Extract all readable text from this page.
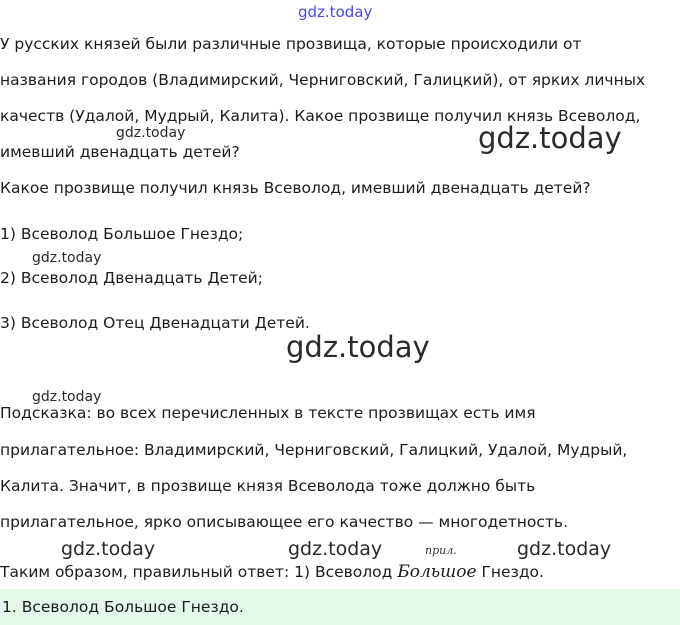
gdz.today
gdz.today	gdz.today
gdz.today
gdz.today
gdz.today
gdz.today	gdz.today	gdz.today
У русских князей были различные прозвища, которые происходили от
названия городов (Владимирский, Черниговский, Галицкий), от ярких личных
качеств (Удалой, Мудрый, Калита). Какое прозвище получил князь Всеволод,
имевший двенадцать детей?
Какое прозвище получил князь Всеволод, имевший двенадцать детей?
1) Всеволод Большое Гнездо;
2) Всеволод Двенадцать Детей;
3) Всеволод Отец Двенадцати Детей.
Подсказка: во всех перечисленных в тексте прозвищах есть имя
прилагательное: Владимирский, Черниговский, Галицкий, Удалой, Мудрый,
Калита. Значит, в прозвище князя Всеволода тоже должно быть
прилагательное, ярко описывающее его качество — многодетность.
прил.
Таким образом, правильный ответ: 1) Всеволод Большое Гнездо.
1. Всеволод Большое Гнездо.
